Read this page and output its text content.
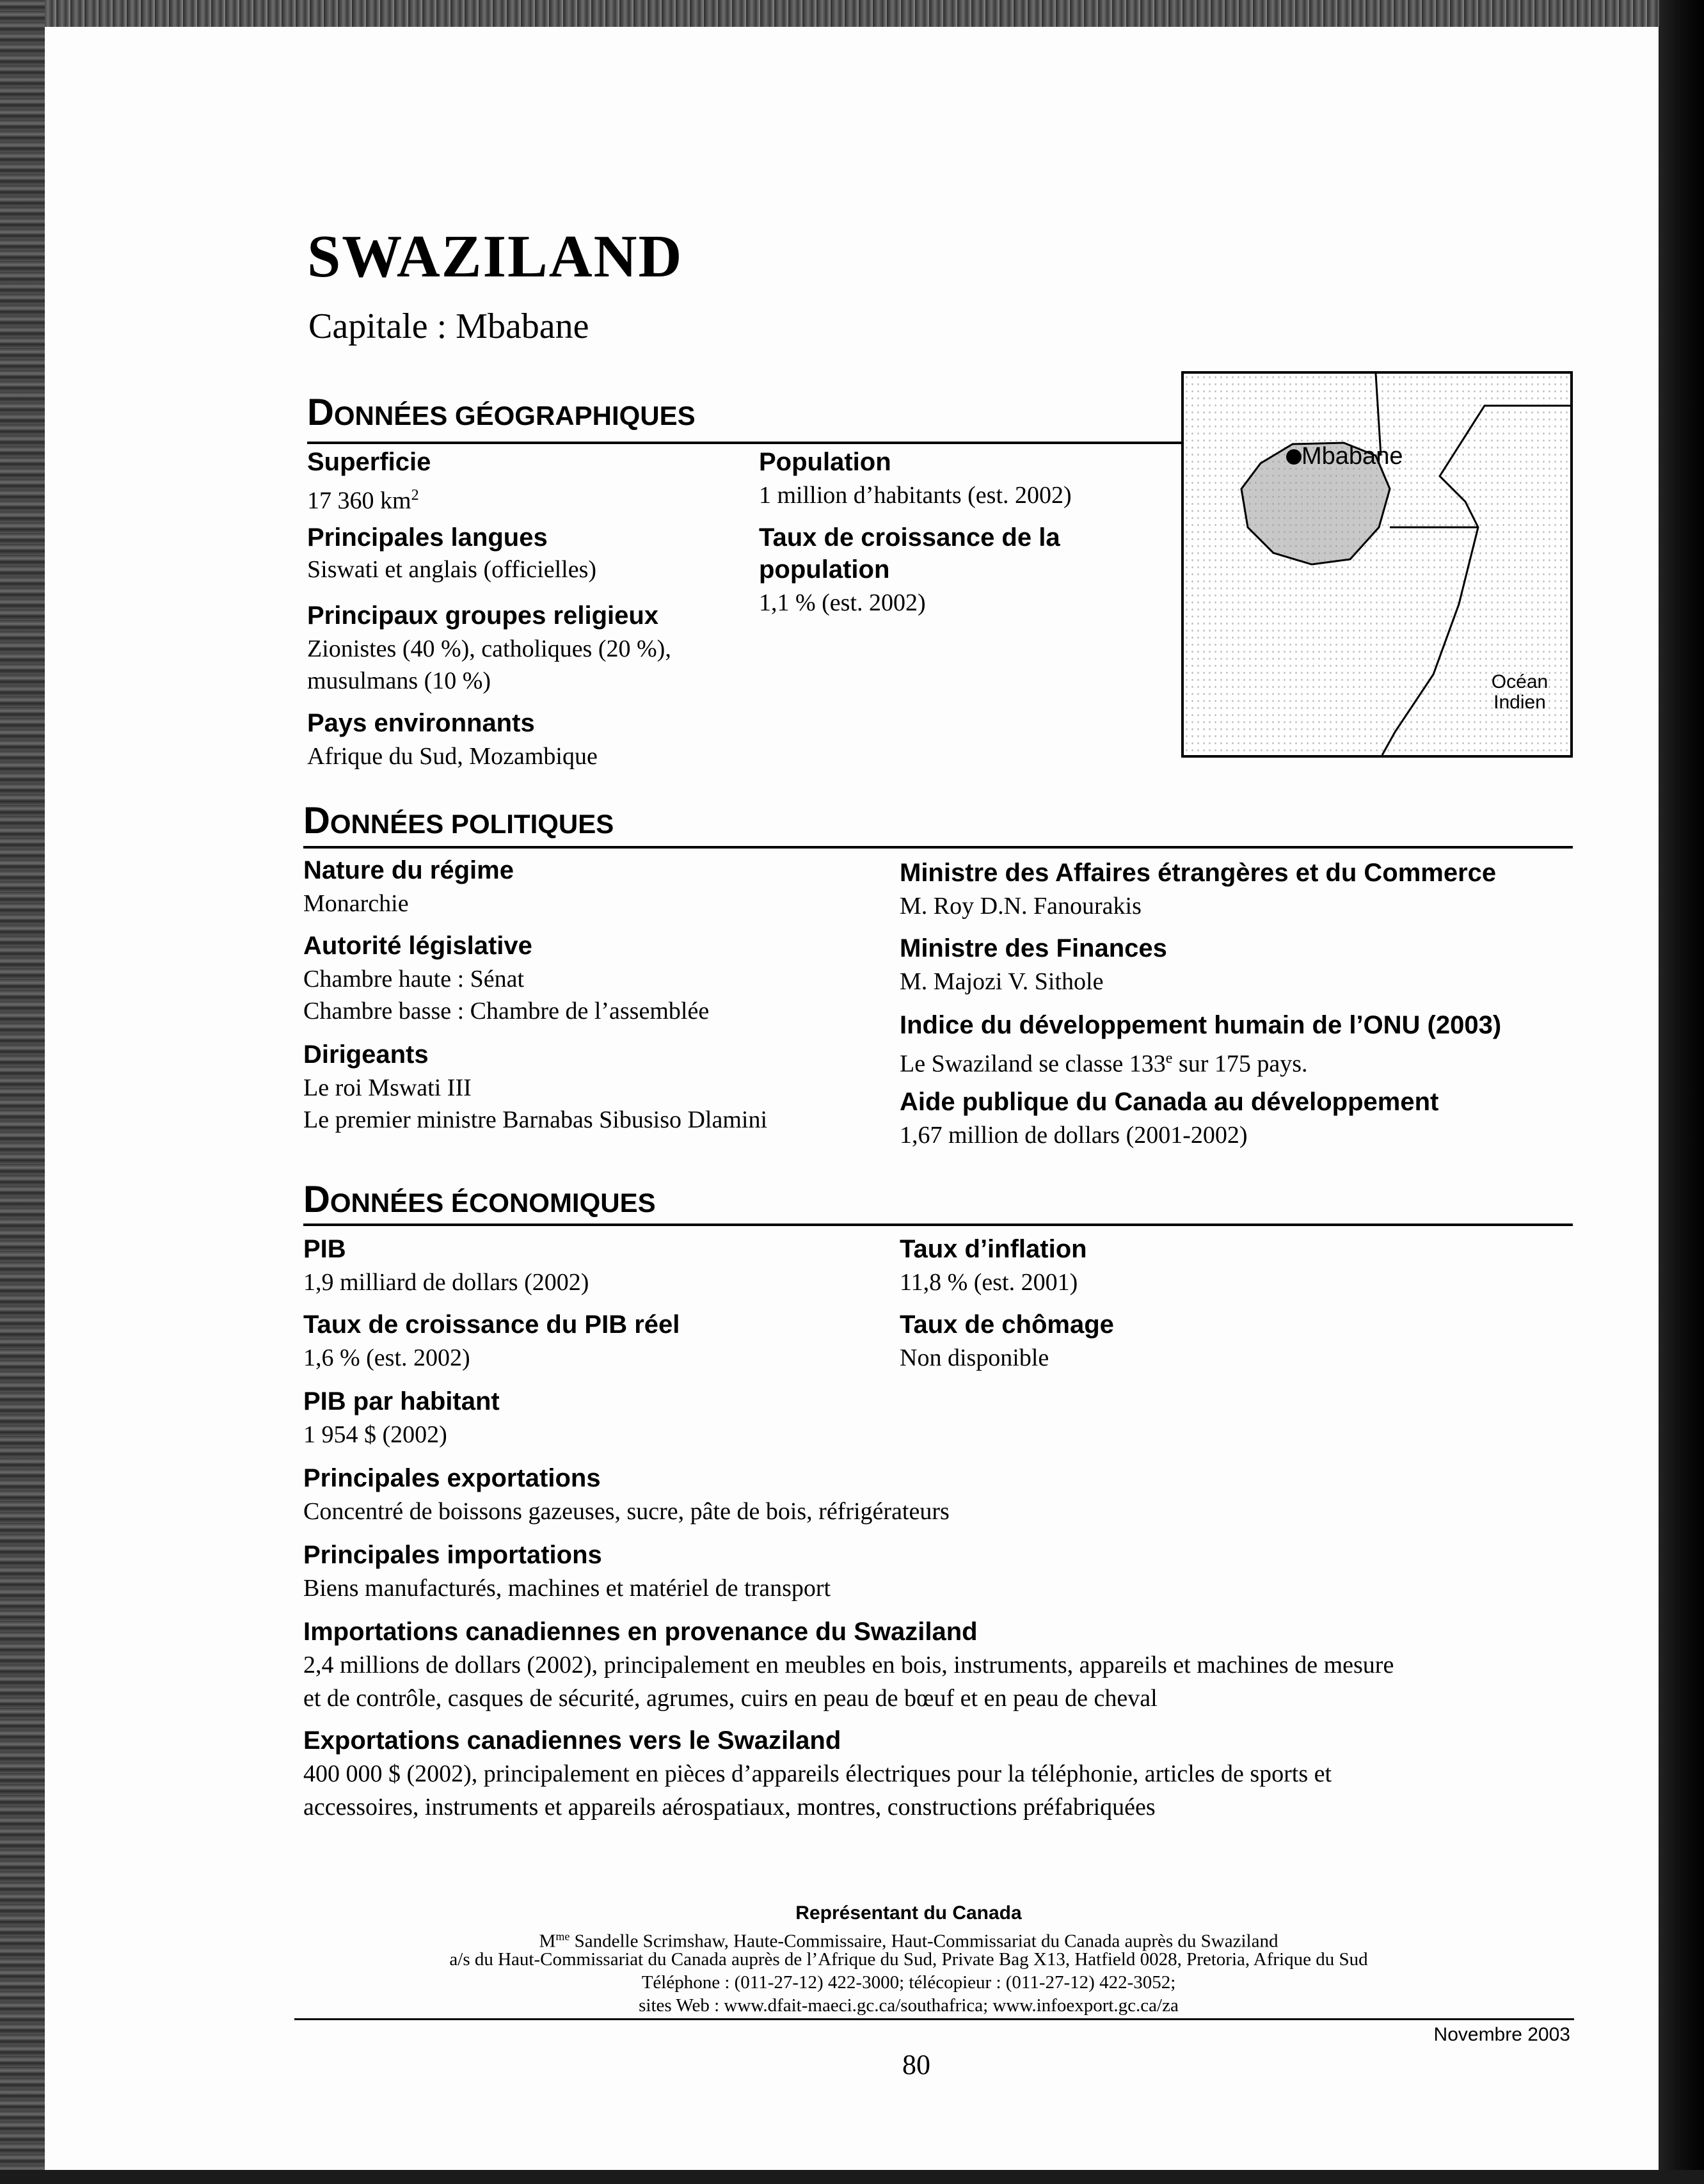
SWAZILAND
Capitale : Mbabane
DONNÉES GÉOGRAPHIQUES
Superficie
17 360 $km^2$
Principales langues
Siswati et anglais (officielles)
Principaux groupes religieux
Zionistes (40 %), catholiques (20 %),
musulmans (10 %)
Pays environnants
Afrique du Sud, Mozambique
Population
1 million d’habitants (est. 2002)
Taux de croissance de la
population
1,1 % (est. 2002)
Mbabane
Océan
Indien
DONNÉES POLITIQUES
Nature du régime
Monarchie
Autorité législative
Chambre haute : Sénat
Chambre basse : Chambre de l’assemblée
Dirigeants
Le roi Mswati III
Le premier ministre Barnabas Sibusiso Dlamini
Ministre des Affaires étrangères et du Commerce
M. Roy D.N. Fanourakis
Ministre des Finances
M. Majozi V. Sithole
Indice du développement humain de l’ONU (2003)
Le Swaziland se classe 133e sur 175 pays.
Aide publique du Canada au développement
1,67 million de dollars (2001-2002)
DONNÉES ÉCONOMIQUES
PIB
1,9 milliard de dollars (2002)
Taux de croissance du PIB réel
1,6 % (est. 2002)
PIB par habitant
1 954 $ (2002)
Taux d’inflation
11,8 % (est. 2001)
Taux de chômage
Non disponible
Principales exportations
Concentré de boissons gazeuses, sucre, pâte de bois, réfrigérateurs
Principales importations
Biens manufacturés, machines et matériel de transport
Importations canadiennes en provenance du Swaziland
2,4 millions de dollars (2002), principalement en meubles en bois, instruments, appareils et machines de mesure
et de contrôle, casques de sécurité, agrumes, cuirs en peau de bœuf et en peau de cheval
Exportations canadiennes vers le Swaziland
400 000 $ (2002), principalement en pièces d’appareils électriques pour la téléphonie, articles de sports et
accessoires, instruments et appareils aérospatiaux, montres, constructions préfabriquées
Représentant du Canada
$M^{me}$ Sandelle Scrimshaw, Haute-Commissaire, Haut-Commissariat du Canada auprès du Swaziland
a/s du Haut-Commissariat du Canada auprès de l’Afrique du Sud, Private Bag X13, Hatfield 0028, Pretoria, Afrique du Sud
Téléphone : (011-27-12) 422-3000; télécopieur : (011-27-12) 422-3052;
sites Web : www.dfait-maeci.gc.ca/southafrica; www.infoexport.gc.ca/za
Novembre 2003
80
